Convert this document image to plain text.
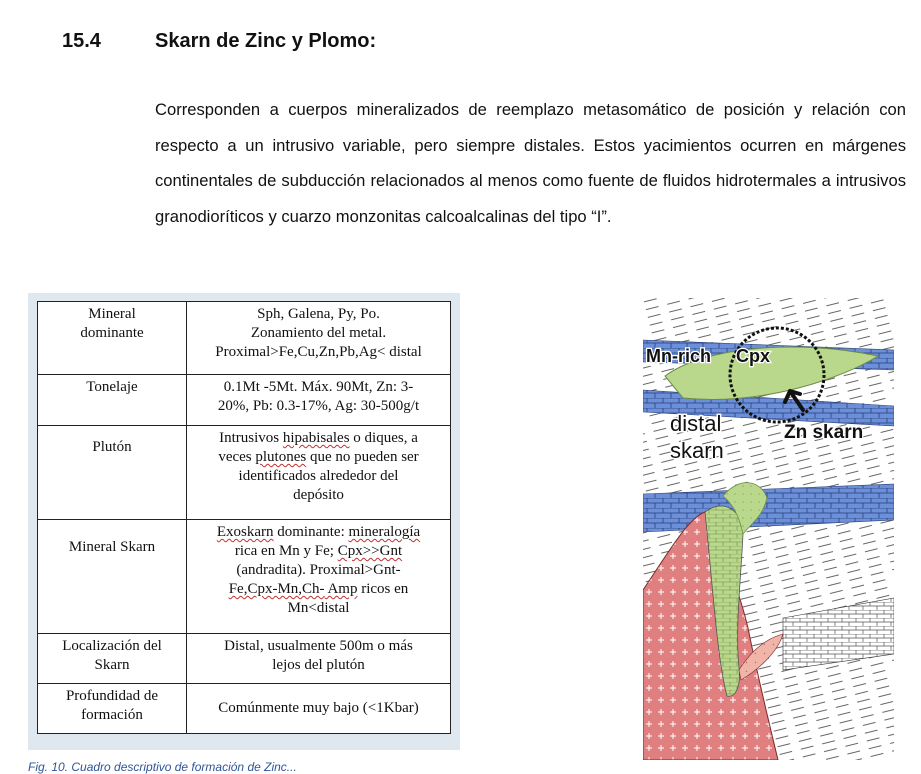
15.4	Skarn de Zinc y Plomo:
Corresponden a cuerpos mineralizados de reemplazo metasomático de posición y relación con respecto a un intrusivo variable, pero siempre distales. Estos yacimientos ocurren en márgenes continentales de subducción relacionados al menos como fuente de fluidos hidrotermales a intrusivos granodioríticos y cuarzo monzonitas calcoalcalinas del tipo “I”.
Mineral
dominante	Sph, Galena, Py, Po.
Zonamiento del metal.
Proximal>Fe,Cu,Zn,Pb,Ag< distal
Tonelaje	0.1Mt -5Mt. Máx. 90Mt, Zn: 3-
20%, Pb: 0.3-17%, Ag: 30-500g/t
Plutón	Intrusivos hipabisales o diques, a
veces plutones que no pueden ser
identificados alrededor del
depósito
Mineral Skarn	Exoskarn dominante: mineralogía
rica en Mn y Fe; Cpx>>Gnt
(andradita). Proximal>Gnt-
Fe,Cpx-Mn,Ch- Amp ricos en
Mn<distal
Localización del
Skarn	Distal, usualmente 500m o más
lejos del plutón
Profundidad de
formación	Comúnmente muy bajo (<1Kbar)
Mn-rich Cpx
distal
skarn
Zn skarn
Fig. 10. Cuadro descriptivo de formación de Zinc...
